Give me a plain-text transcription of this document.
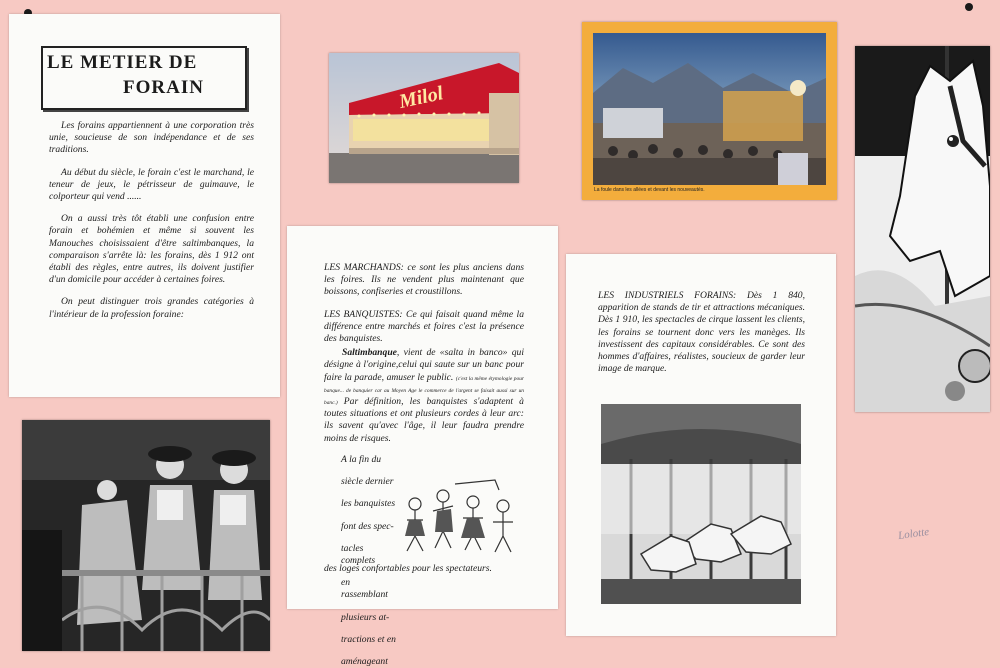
LE METIER DE
FORAIN

Les forains appartiennent à une corporation très unie, soucieuse de son indépendance et de ses traditions.

Au début du siècle, le forain c'est le marchand, le teneur de jeux, le pétrisseur de guimauve, le colporteur qui vend ......

On a aussi très tôt établi une confusion entre forain et bohémien et même si souvent les Manouches choisissaient d'être saltimbanques, la comparaison s'arrête là: les forains, dès 1 912 ont établi des règles, entre autres, ils doivent justifier d'un domicile pour accéder à certaines foires.

On peut distinguer trois grandes catégories à l'intérieur de la profession foraine:

Milol
La foule dans les allées et devant les nouveautés.

LES MARCHANDS: ce sont les plus anciens dans les foires. Ils ne vendent plus maintenant que boissons, confiseries et croustillons.

LES BANQUISTES: Ce qui faisait quand même la différence entre marchés et foires c'est la présence des banquistes.

Saltimbanque, vient de «salta in banco» qui désigne à l'origine,celui qui saute sur un banc pour faire la parade, amuser le public. (c'est la même étymologie pour banque... de banquier car au Moyen Age le commerce de l'argent se faisait aussi sur un banc.) Par définition, les banquistes s'adaptent à toutes situations et ont plusieurs cordes à leur arc: ils savent qu'avec l'âge, il leur faudra prendre moins de risques.

A la fin du
siècle dernier
les banquistes
font des spec-
tacles complets
en rassemblant
plusieurs at-
tractions et en
aménageant
des loges confortables pour les spectateurs.

LES INDUSTRIELS FORAINS: Dès 1 840, apparition de stands de tir et attractions mécaniques. Dès 1 910, les spectacles de cirque lassent les clients, les forains se tournent donc vers les manèges. Ils investissent des capitaux considérables. Ce sont des hommes d'affaires, réalistes, soucieux de garder leur image de marque.

Lolotte
